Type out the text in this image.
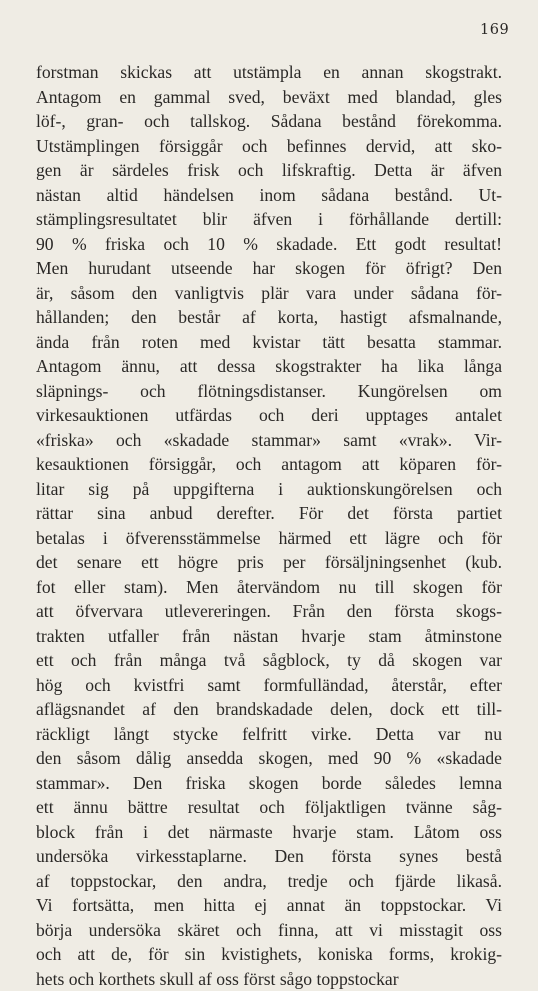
169
forstman skickas att utstämpla en annan skogstrakt.
Antagom en gammal sved, beväxt med blandad, gles
löf-, gran- och tallskog. Sådana bestånd förekomma.
Utstämplingen försiggår och befinnes dervid, att sko-
gen är särdeles frisk och lifskraftig. Detta är äfven
nästan altid händelsen inom sådana bestånd. Ut-
stämplingsresultatet blir äfven i förhållande dertill:
90 % friska och 10 % skadade. Ett godt resultat!
Men hurudant utseende har skogen för öfrigt? Den
är, såsom den vanligtvis plär vara under sådana för-
hållanden; den består af korta, hastigt afsmalnande,
ända från roten med kvistar tätt besatta stammar.
Antagom ännu, att dessa skogstrakter ha lika långa
släpnings- och flötningsdistanser. Kungörelsen om
virkesauktionen utfärdas och deri upptages antalet
«friska» och «skadade stammar» samt «vrak». Vir-
kesauktionen försiggår, och antagom att köparen för-
litar sig på uppgifterna i auktionskungörelsen och
rättar sina anbud derefter. För det första partiet
betalas i öfverensstämmelse härmed ett lägre och för
det senare ett högre pris per försäljningsenhet (kub.
fot eller stam). Men återvändom nu till skogen för
att öfvervara utlevereringen. Från den första skogs-
trakten utfaller från nästan hvarje stam åtminstone
ett och från många två sågblock, ty då skogen var
hög och kvistfri samt formfulländad, återstår, efter
aflägsnandet af den brandskadade delen, dock ett till-
räckligt långt stycke felfritt virke. Detta var nu
den såsom dålig ansedda skogen, med 90 % «skadade
stammar». Den friska skogen borde således lemna
ett ännu bättre resultat och följaktligen tvänne såg-
block från i det närmaste hvarje stam. Låtom oss
undersöka virkesstaplarne. Den första synes bestå
af toppstockar, den andra, tredje och fjärde likaså.
Vi fortsätta, men hitta ej annat än toppstockar. Vi
börja undersöka skäret och finna, att vi misstagit oss
och att de, för sin kvistighets, koniska forms, krokig-
hets och korthets skull af oss först sågo toppstockar
